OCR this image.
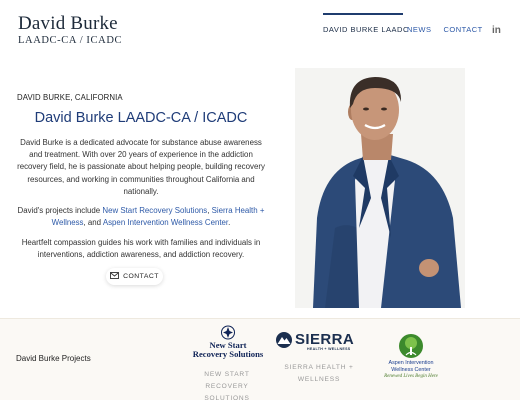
David Burke
LAADC-CA / ICADC
DAVID BURKE LAADC
NEWS CONTACT in
DAVID BURKE, CALIFORNIA
David Burke LAADC-CA / ICADC

David Burke is a dedicated advocate for substance abuse awareness and treatment. With over 20 years of experience in the addiction recovery field, he is passionate about helping people, building recovery resources, and working in communities throughout California and nationally.

David's projects include New Start Recovery Solutions, Sierra Health + Wellness, and Aspen Intervention Wellness Center.

Heartfelt compassion guides his work with families and individuals in interventions, addiction awareness, and addiction recovery.

CONTACT
David Burke Projects
New Start
Recovery Solutions
NEW START RECOVERY SOLUTIONS
SIERRA
HEALTH + WELLNESS
SIERRA HEALTH + WELLNESS
Aspen Intervention
Wellness Center
Renewed Lives Begin Here
